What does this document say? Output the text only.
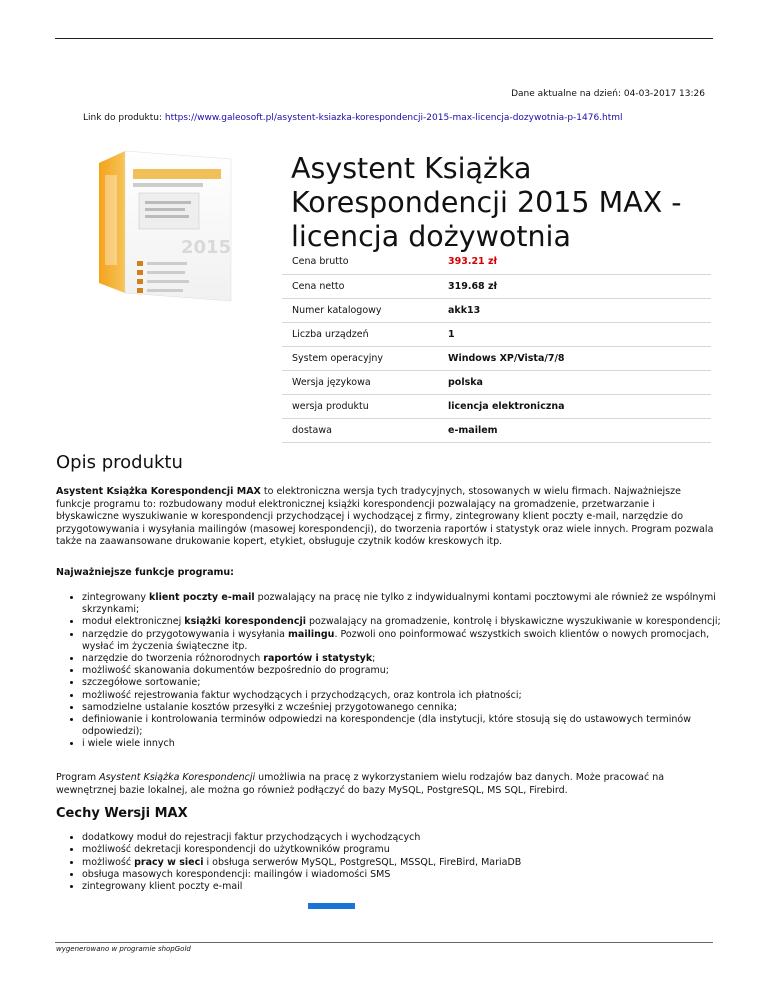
Dane aktualne na dzień: 04-03-2017 13:26
Link do produktu: https://www.galeosoft.pl/asystent-ksiazka-korespondencji-2015-max-licencja-dozywotnia-p-1476.html
2015
Asystent Książka Korespondencji 2015 MAX - licencja dożywotnia
Cena brutto	393.21 zł
Cena netto	319.68 zł
Numer katalogowy	akk13
Liczba urządzeń	1
System operacyjny	Windows XP/Vista/7/8
Wersja językowa	polska
wersja produktu	licencja elektroniczna
dostawa	e-mailem
Opis produktu

Asystent Książka Korespondencji MAX to elektroniczna wersja tych tradycyjnych, stosowanych w wielu firmach. Najważniejsze funkcje programu to: rozbudowany moduł elektronicznej książki korespondencji pozwalający na gromadzenie, przetwarzanie i błyskawiczne wyszukiwanie w korespondencji przychodzącej i wychodzącej z firmy, zintegrowany klient poczty e-mail, narzędzie do przygotowywania i wysyłania mailingów (masowej korespondencji), do tworzenia raportów i statystyk oraz wiele innych. Program pozwala także na zaawansowane drukowanie kopert, etykiet, obsługuje czytnik kodów kreskowych itp.

Najważniejsze funkcje programu:

• zintegrowany klient poczty e-mail pozwalający na pracę nie tylko z indywidualnymi kontami pocztowymi ale również ze wspólnymi skrzynkami;
• moduł elektronicznej książki korespondencji pozwalający na gromadzenie, kontrolę i błyskawiczne wyszukiwanie w korespondencji;
• narzędzie do przygotowywania i wysyłania mailingu. Pozwoli ono poinformować wszystkich swoich klientów o nowych promocjach, wysłać im życzenia świąteczne itp.
• narzędzie do tworzenia różnorodnych raportów i statystyk;
• możliwość skanowania dokumentów bezpośrednio do programu;
• szczegółowe sortowanie;
• możliwość rejestrowania faktur wychodzących i przychodzących, oraz kontrola ich płatności;
• samodzielne ustalanie kosztów przesyłki z wcześniej przygotowanego cennika;
• definiowanie i kontrolowania terminów odpowiedzi na korespondencje (dla instytucji, które stosują się do ustawowych terminów odpowiedzi);
• i wiele wiele innych

Program Asystent Książka Korespondencji umożliwia na pracę z wykorzystaniem wielu rodzajów baz danych. Może pracować na wewnętrznej bazie lokalnej, ale można go również podłączyć do bazy MySQL, PostgreSQL, MS SQL, Firebird.

Cechy Wersji MAX
• dodatkowy moduł do rejestracji faktur przychodzących i wychodzących
• możliwość dekretacji korespondencji do użytkowników programu
• możliwość pracy w sieci i obsługa serwerów MySQL, PostgreSQL, MSSQL, FireBird, MariaDB
• obsługa masowych korespondencji: mailingów i wiadomości SMS
• zintegrowany klient poczty e-mail
wygenerowano w programie shopGold
